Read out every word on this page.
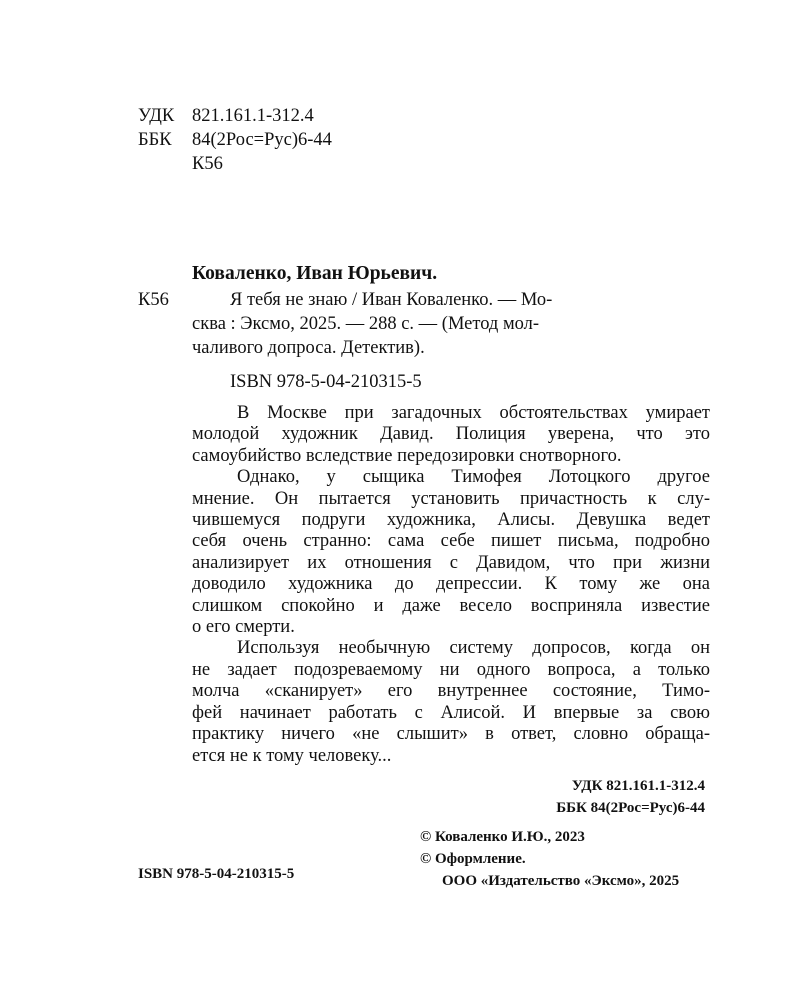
УДК 821.161.1-312.4
ББК 84(2Рос=Рус)6-44
К56
Коваленко, Иван Юрьевич.
К56	Я тебя не знаю / Иван Коваленко. — Мо-
сква : Эксмо, 2025. — 288 с. — (Метод мол-
чаливого допроса. Детектив).
ISBN 978-5-04-210315-5
В Москве при загадочных обстоятельствах умирает
молодой художник Давид. Полиция уверена, что это
самоубийство вследствие передозировки снотворного.
Однако, у сыщика Тимофея Лотоцкого другое
мнение. Он пытается установить причастность к слу-
чившемуся подруги художника, Алисы. Девушка ведет
себя очень странно: сама себе пишет письма, подробно
анализирует их отношения с Давидом, что при жизни
доводило художника до депрессии. К тому же она
слишком спокойно и даже весело восприняла известие
о его смерти.
Используя необычную систему допросов, когда он
не задает подозреваемому ни одного вопроса, а только
молча «сканирует» его внутреннее состояние, Тимо-
фей начинает работать с Алисой. И впервые за свою
практику ничего «не слышит» в ответ, словно обраща-
ется не к тому человеку...
УДК 821.161.1-312.4
ББК 84(2Рос=Рус)6-44
© Коваленко И.Ю., 2023
© Оформление.
ООО «Издательство «Эксмо», 2025
ISBN 978-5-04-210315-5
